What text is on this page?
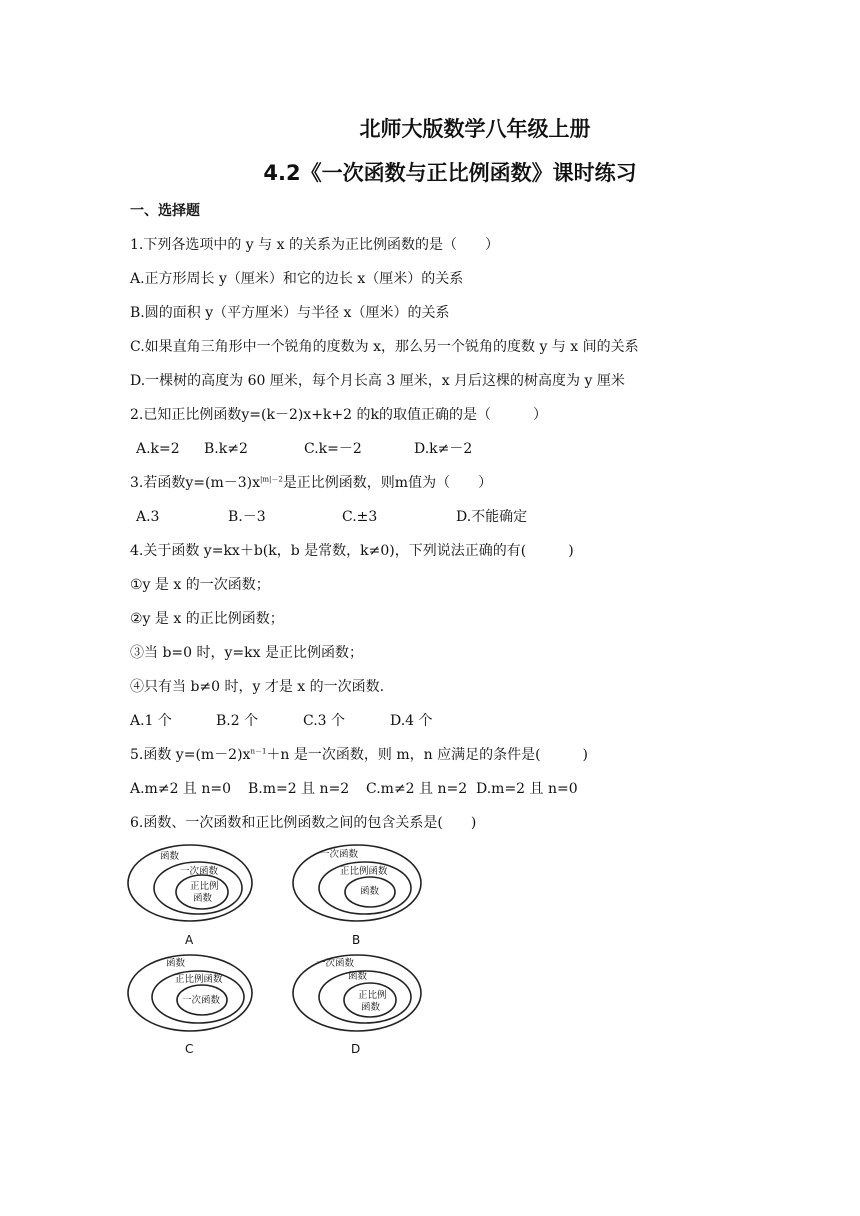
北师大版数学八年级上册
4.2《一次函数与正比例函数》课时练习
一、选择题
1.下列各选项中的 y 与 x 的关系为正比例函数的是（　　）
A.正方形周长 y（厘米）和它的边长 x（厘米）的关系
B.圆的面积 y（平方厘米）与半径 x（厘米）的关系
C.如果直角三角形中一个锐角的度数为 x，那么另一个锐角的度数 y 与 x 间的关系
D.一棵树的高度为 60 厘米，每个月长高 3 厘米，x 月后这棵的树高度为 y 厘米
2.已知正比例函数y=(k－2)x+k+2 的k的取值正确的是（　　　）
A.k=2 B.k≠2	C.k=－2	D.k≠－2
3.若函数$y=(m-3)x^{|m|-2}$是正比例函数，则m值为（　　）
A.3	B.－3	C.±3	D.不能确定
4.关于函数 y=kx＋b(k，b 是常数，k≠0)，下列说法正确的有(　　　)
①y 是 x 的一次函数；
②y 是 x 的正比例函数；
③当 b=0 时，y=kx 是正比例函数；
④只有当 b≠0 时，y 才是 x 的一次函数.
A.1 个	B.2 个	C.3 个	D.4 个
5.函数 $y=(m-2)x^{n-1}+n$ 是一次函数，则 m，n 应满足的条件是(　　　)
A.m≠2 且 n=0 B.m=2 且 n=2 C.m≠2 且 n=2 D.m=2 且 n=0
6.函数、一次函数和正比例函数之间的包含关系是(　　)
函数
一次函数
正比例
函数
A
一次函数
正比例函数
函数
B
函数
正比例函数
一次函数
C
一次函数
函数
正比例
函数
D
